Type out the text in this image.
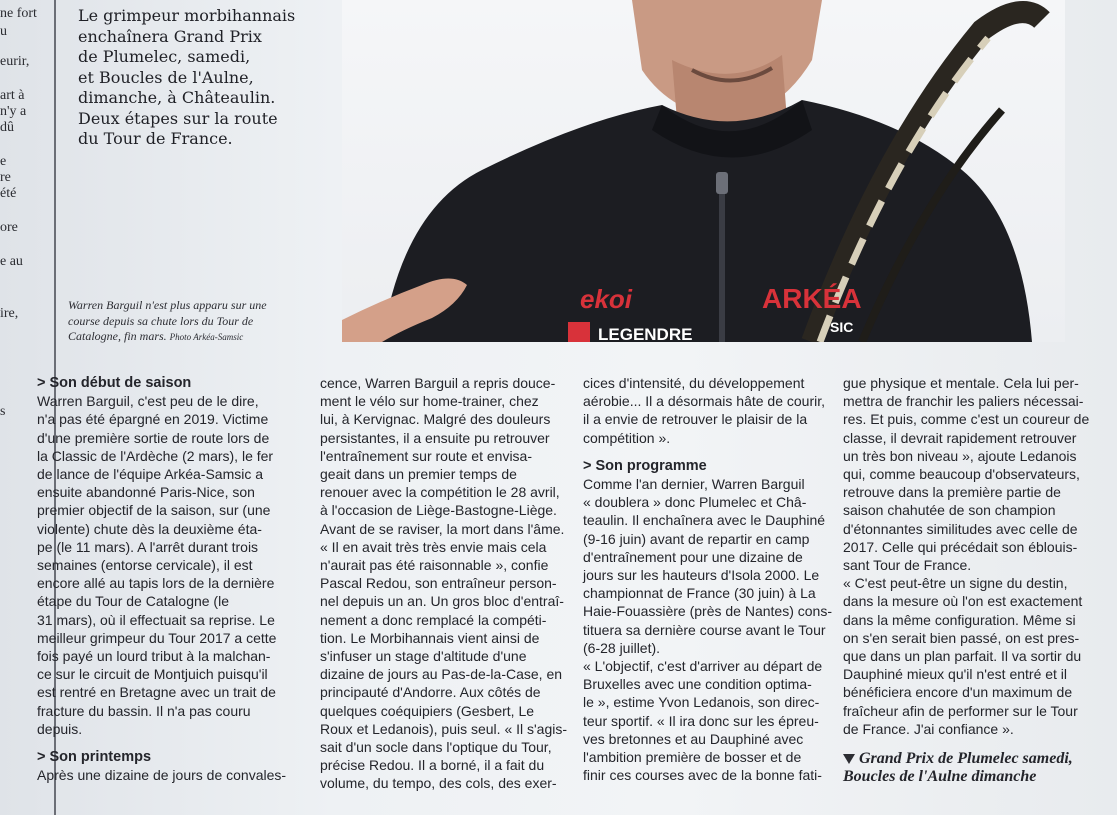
ne fort
u
eurir,
art à
n'y a
dû
e
re
été
ore
e au
ire,
s
Le grimpeur morbihannais
enchaînera Grand Prix
de Plumelec, samedi,
et Boucles de l'Aulne,
dimanche, à Châteaulin.
Deux étapes sur la route
du Tour de France.
ekoi
LEGENDRE
ARKÉA
SIC
Warren Barguil n'est plus apparu sur une
course depuis sa chute lors du Tour de
Catalogne, fin mars. Photo Arkéa-Samsic
> Son début de saison
Warren Barguil, c'est peu de le dire,
n'a pas été épargné en 2019. Victime
d'une première sortie de route lors de
la Classic de l'Ardèche (2 mars), le fer
de lance de l'équipe Arkéa-Samsic a
ensuite abandonné Paris-Nice, son
premier objectif de la saison, sur (une
violente) chute dès la deuxième éta-
pe (le 11 mars). A l'arrêt durant trois
semaines (entorse cervicale), il est
encore allé au tapis lors de la dernière
étape du Tour de Catalogne (le
31 mars), où il effectuait sa reprise. Le
meilleur grimpeur du Tour 2017 a cette
fois payé un lourd tribut à la malchan-
ce sur le circuit de Montjuich puisqu'il
est rentré en Bretagne avec un trait de
fracture du bassin. Il n'a pas couru
depuis.
> Son printemps
Après une dizaine de jours de convales-
cence, Warren Barguil a repris douce-
ment le vélo sur home-trainer, chez
lui, à Kervignac. Malgré des douleurs
persistantes, il a ensuite pu retrouver
l'entraînement sur route et envisa-
geait dans un premier temps de
renouer avec la compétition le 28 avril,
à l'occasion de Liège-Bastogne-Liège.
Avant de se raviser, la mort dans l'âme.
« Il en avait très très envie mais cela
n'aurait pas été raisonnable », confie
Pascal Redou, son entraîneur person-
nel depuis un an. Un gros bloc d'entraî-
nement a donc remplacé la compéti-
tion. Le Morbihannais vient ainsi de
s'infuser un stage d'altitude d'une
dizaine de jours au Pas-de-la-Case, en
principauté d'Andorre. Aux côtés de
quelques coéquipiers (Gesbert, Le
Roux et Ledanois), puis seul. « Il s'agis-
sait d'un socle dans l'optique du Tour,
précise Redou. Il a borné, il a fait du
volume, du tempo, des cols, des exer-
cices d'intensité, du développement
aérobie... Il a désormais hâte de courir,
il a envie de retrouver le plaisir de la
compétition ».
> Son programme
Comme l'an dernier, Warren Barguil
« doublera » donc Plumelec et Châ-
teaulin. Il enchaînera avec le Dauphiné
(9-16 juin) avant de repartir en camp
d'entraînement pour une dizaine de
jours sur les hauteurs d'Isola 2000. Le
championnat de France (30 juin) à La
Haie-Fouassière (près de Nantes) cons-
tituera sa dernière course avant le Tour
(6-28 juillet).
« L'objectif, c'est d'arriver au départ de
Bruxelles avec une condition optima-
le », estime Yvon Ledanois, son direc-
teur sportif. « Il ira donc sur les épreu-
ves bretonnes et au Dauphiné avec
l'ambition première de bosser et de
finir ces courses avec de la bonne fati-
gue physique et mentale. Cela lui per-
mettra de franchir les paliers nécessai-
res. Et puis, comme c'est un coureur de
classe, il devrait rapidement retrouver
un très bon niveau », ajoute Ledanois
qui, comme beaucoup d'observateurs,
retrouve dans la première partie de
saison chahutée de son champion
d'étonnantes similitudes avec celle de
2017. Celle qui précédait son éblouis-
sant Tour de France.
« C'est peut-être un signe du destin,
dans la mesure où l'on est exactement
dans la même configuration. Même si
on s'en serait bien passé, on est pres-
que dans un plan parfait. Il va sortir du
Dauphiné mieux qu'il n'est entré et il
bénéficiera encore d'un maximum de
fraîcheur afin de performer sur le Tour
de France. J'ai confiance ».
Grand Prix de Plumelec samedi,
Boucles de l'Aulne dimanche
